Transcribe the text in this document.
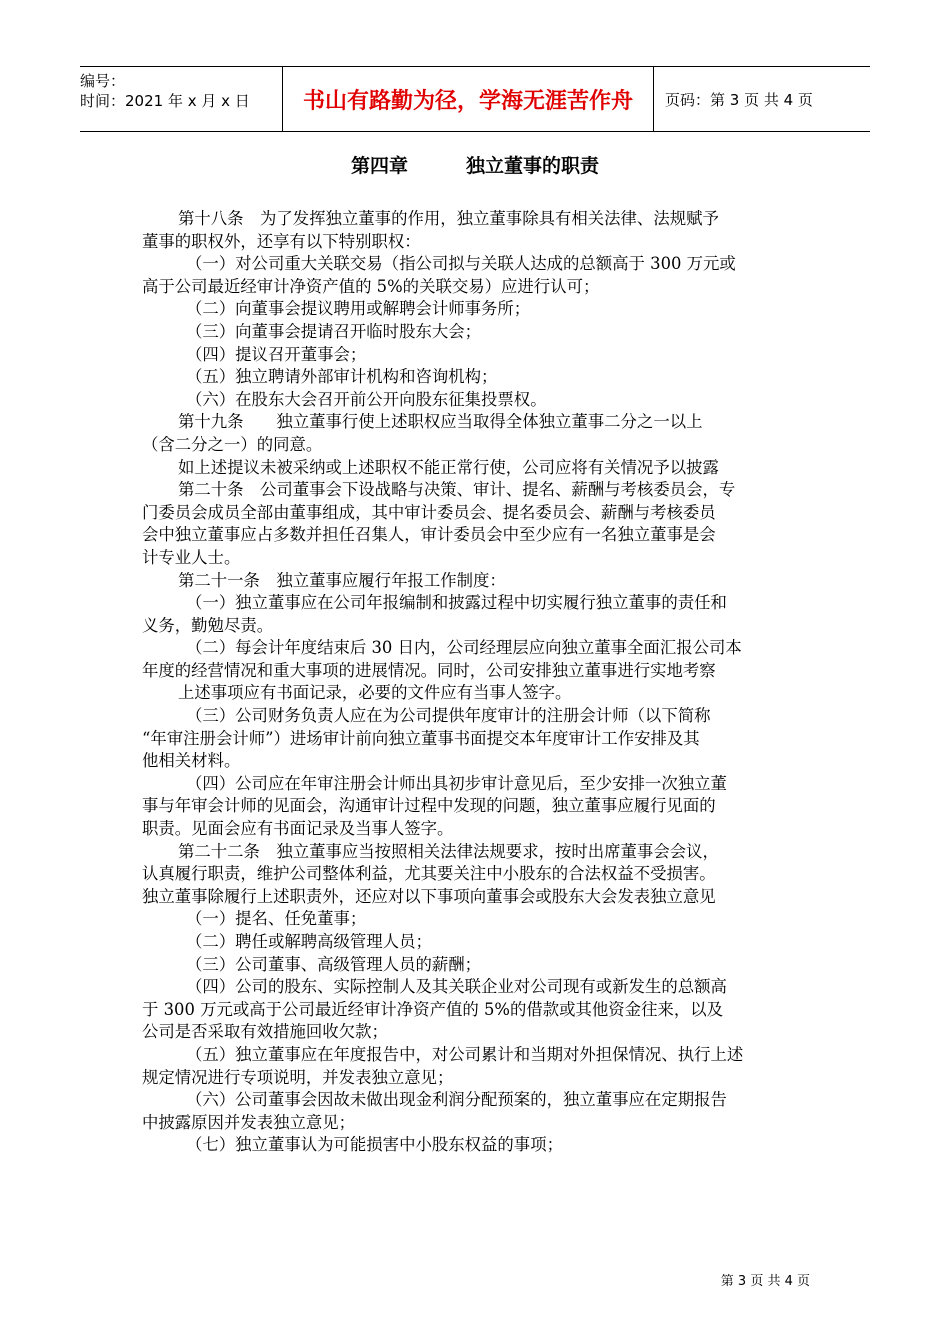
编号：
时间：2021 年 x 月 x 日	书山有路勤为径，学海无涯苦作舟	页码：第 3 页 共 4 页
第四章	独立董事的职责

第十八条　为了发挥独立董事的作用，独立董事除具有相关法律、法规赋予

董事的职权外，还享有以下特别职权：

（一）对公司重大关联交易（指公司拟与关联人达成的总额高于 300 万元或

高于公司最近经审计净资产值的 5%的关联交易）应进行认可；

（二）向董事会提议聘用或解聘会计师事务所；

（三）向董事会提请召开临时股东大会；

（四）提议召开董事会；

（五）独立聘请外部审计机构和咨询机构；

（六）在股东大会召开前公开向股东征集投票权。

第十九条　　独立董事行使上述职权应当取得全体独立董事二分之一以上

（含二分之一）的同意。

如上述提议未被采纳或上述职权不能正常行使，公司应将有关情况予以披露

第二十条　公司董事会下设战略与决策、审计、提名、薪酬与考核委员会，专

门委员会成员全部由董事组成，其中审计委员会、提名委员会、薪酬与考核委员

会中独立董事应占多数并担任召集人，审计委员会中至少应有一名独立董事是会

计专业人士。

第二十一条　独立董事应履行年报工作制度：

（一）独立董事应在公司年报编制和披露过程中切实履行独立董事的责任和

义务，勤勉尽责。

（二）每会计年度结束后 30 日内，公司经理层应向独立董事全面汇报公司本

年度的经营情况和重大事项的进展情况。同时，公司安排独立董事进行实地考察

上述事项应有书面记录，必要的文件应有当事人签字。

（三）公司财务负责人应在为公司提供年度审计的注册会计师（以下简称

“年审注册会计师”）进场审计前向独立董事书面提交本年度审计工作安排及其

他相关材料。

（四）公司应在年审注册会计师出具初步审计意见后，至少安排一次独立董

事与年审会计师的见面会，沟通审计过程中发现的问题，独立董事应履行见面的

职责。见面会应有书面记录及当事人签字。

第二十二条　独立董事应当按照相关法律法规要求，按时出席董事会会议，

认真履行职责，维护公司整体利益，尤其要关注中小股东的合法权益不受损害。

独立董事除履行上述职责外，还应对以下事项向董事会或股东大会发表独立意见

（一）提名、任免董事；

（二）聘任或解聘高级管理人员；

（三）公司董事、高级管理人员的薪酬；

（四）公司的股东、实际控制人及其关联企业对公司现有或新发生的总额高

于 300 万元或高于公司最近经审计净资产值的 5%的借款或其他资金往来，以及

公司是否采取有效措施回收欠款；

（五）独立董事应在年度报告中，对公司累计和当期对外担保情况、执行上述

规定情况进行专项说明，并发表独立意见；

（六）公司董事会因故未做出现金利润分配预案的，独立董事应在定期报告

中披露原因并发表独立意见；

（七）独立董事认为可能损害中小股东权益的事项；

第 3 页 共 4 页
